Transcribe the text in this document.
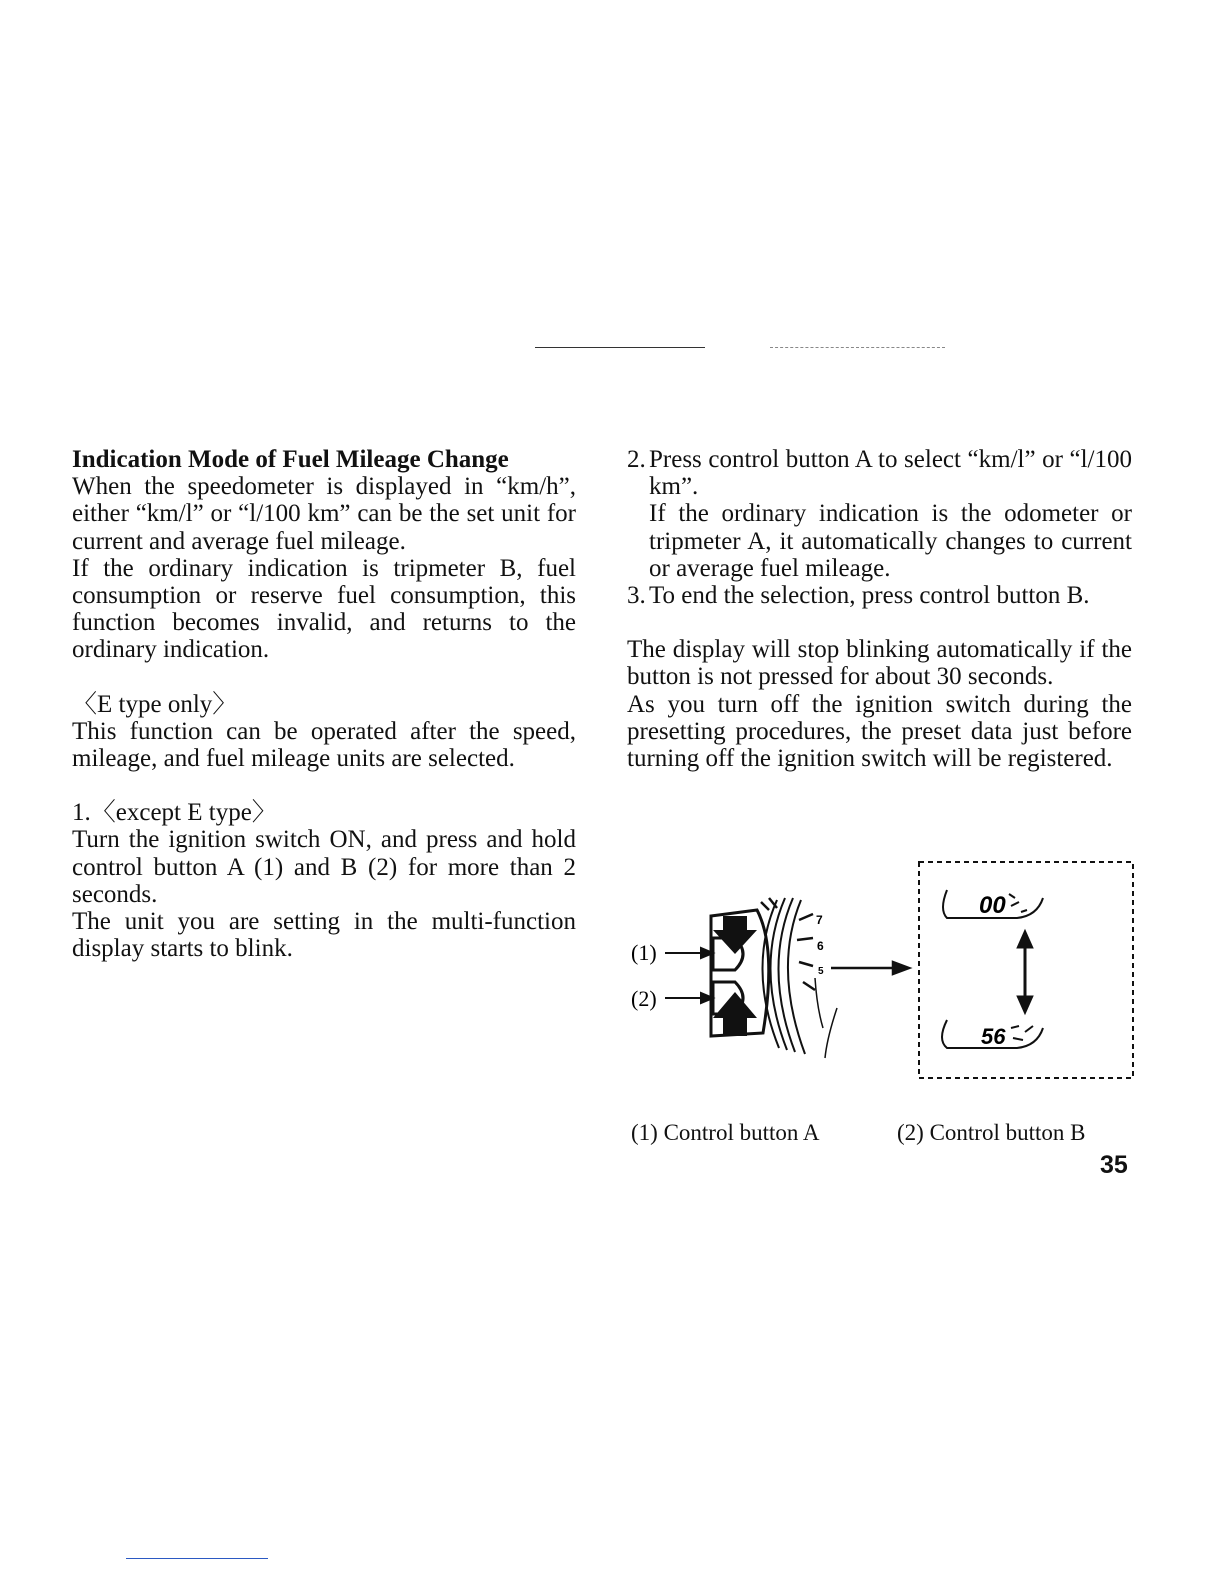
Indication Mode of Fuel Mileage Change

When the speedometer is displayed in “km/h”, either “km/l” or “l/100 km” can be the set unit for current and average fuel mileage.

If the ordinary indication is tripmeter B, fuel consumption or reserve fuel consumption, this function becomes invalid, and returns to the ordinary indication.

〈E type only〉

This function can be operated after the speed, mileage, and fuel mileage units are selected.

1.〈except E type〉

Turn the ignition switch ON, and press and hold control button A (1) and B (2) for more than 2 seconds.

The unit you are setting in the multi-function display starts to blink.

2. Press control button A to select “km/l” or “l/100 km”.

If the ordinary indication is the odometer or tripmeter A, it automatically changes to current or average fuel mileage.

3. To end the selection, press control button B.

The display will stop blinking automatically if the button is not pressed for about 30 seconds.

As you turn off the ignition switch during the presetting procedures, the preset data just before turning off the ignition switch will be registered.

7
6
5
(1)
(2)
00
56
(1) Control button A	(2) Control button B
35
